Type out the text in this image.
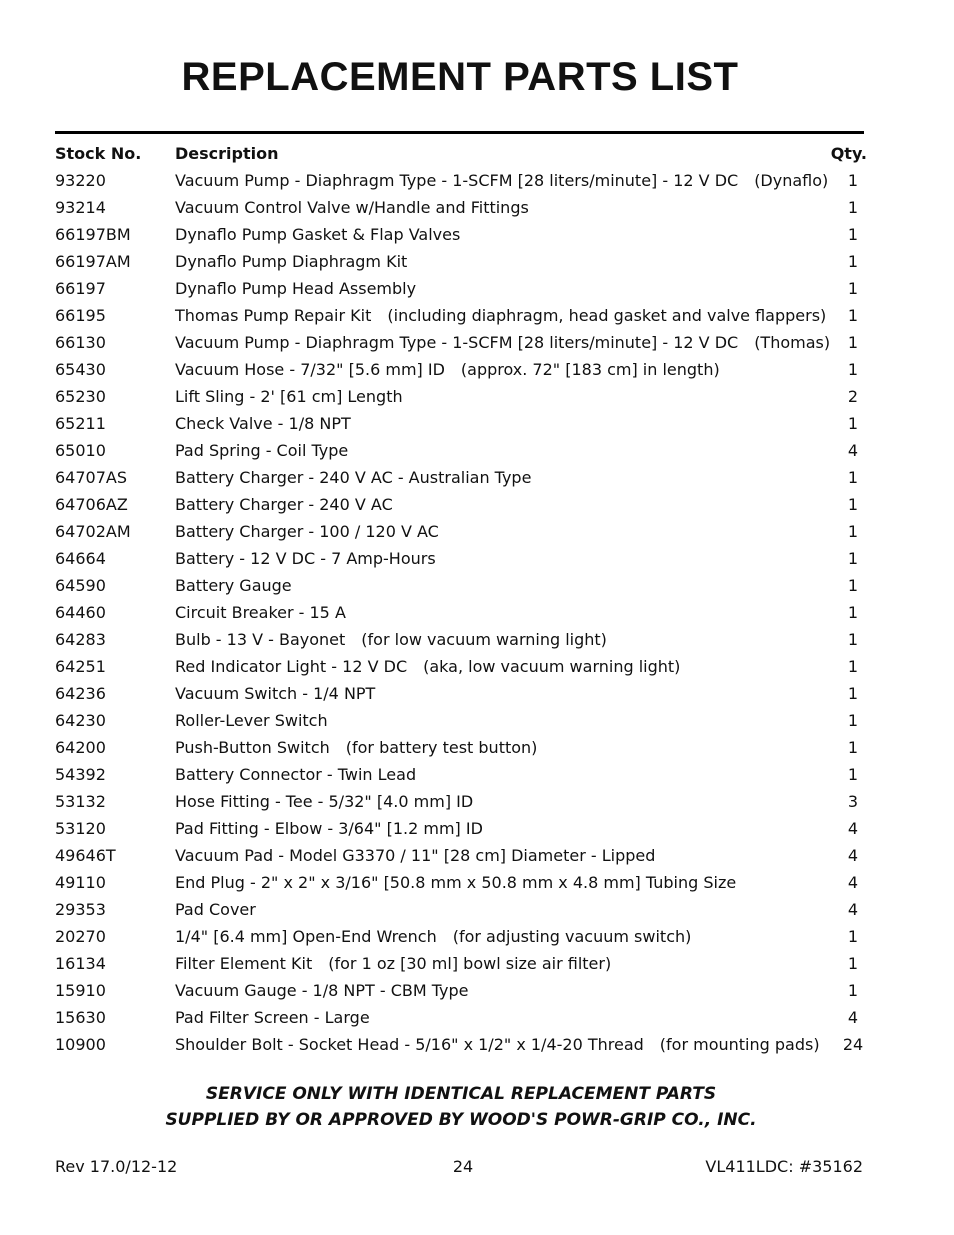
REPLACEMENT PARTS LIST
Stock No.	Description	Qty.
93220	Vacuum Pump - Diaphragm Type - 1-SCFM [28 liters/minute] - 12 V DC (Dynaflo)	1
93214	Vacuum Control Valve w/Handle and Fittings	1
66197BM	Dynaflo Pump Gasket & Flap Valves	1
66197AM	Dynaflo Pump Diaphragm Kit	1
66197	Dynaflo Pump Head Assembly	1
66195	Thomas Pump Repair Kit (including diaphragm, head gasket and valve flappers)	1
66130	Vacuum Pump - Diaphragm Type - 1-SCFM [28 liters/minute] - 12 V DC (Thomas)	1
65430	Vacuum Hose - 7/32" [5.6 mm] ID (approx. 72" [183 cm] in length)	1
65230	Lift Sling - 2' [61 cm] Length	2
65211	Check Valve - 1/8 NPT	1
65010	Pad Spring - Coil Type	4
64707AS	Battery Charger - 240 V AC - Australian Type	1
64706AZ	Battery Charger - 240 V AC	1
64702AM	Battery Charger - 100 / 120 V AC	1
64664	Battery - 12 V DC - 7 Amp-Hours	1
64590	Battery Gauge	1
64460	Circuit Breaker - 15 A	1
64283	Bulb - 13 V - Bayonet (for low vacuum warning light)	1
64251	Red Indicator Light - 12 V DC (aka, low vacuum warning light)	1
64236	Vacuum Switch - 1/4 NPT	1
64230	Roller-Lever Switch	1
64200	Push-Button Switch (for battery test button)	1
54392	Battery Connector - Twin Lead	1
53132	Hose Fitting - Tee - 5/32" [4.0 mm] ID	3
53120	Pad Fitting - Elbow - 3/64" [1.2 mm] ID	4
49646T	Vacuum Pad - Model G3370 / 11" [28 cm] Diameter - Lipped	4
49110	End Plug - 2" x 2" x 3/16" [50.8 mm x 50.8 mm x 4.8 mm] Tubing Size	4
29353	Pad Cover	4
20270	1/4" [6.4 mm] Open-End Wrench (for adjusting vacuum switch)	1
16134	Filter Element Kit (for 1 oz [30 ml] bowl size air filter)	1
15910	Vacuum Gauge - 1/8 NPT - CBM Type	1
15630	Pad Filter Screen - Large	4
10900	Shoulder Bolt - Socket Head - 5/16" x 1/2" x 1/4-20 Thread (for mounting pads)	24
SERVICE ONLY WITH IDENTICAL REPLACEMENT PARTS
SUPPLIED BY OR APPROVED BY WOOD'S POWR-GRIP CO., INC.
Rev 17.0/12-12	24	VL411LDC: #35162
